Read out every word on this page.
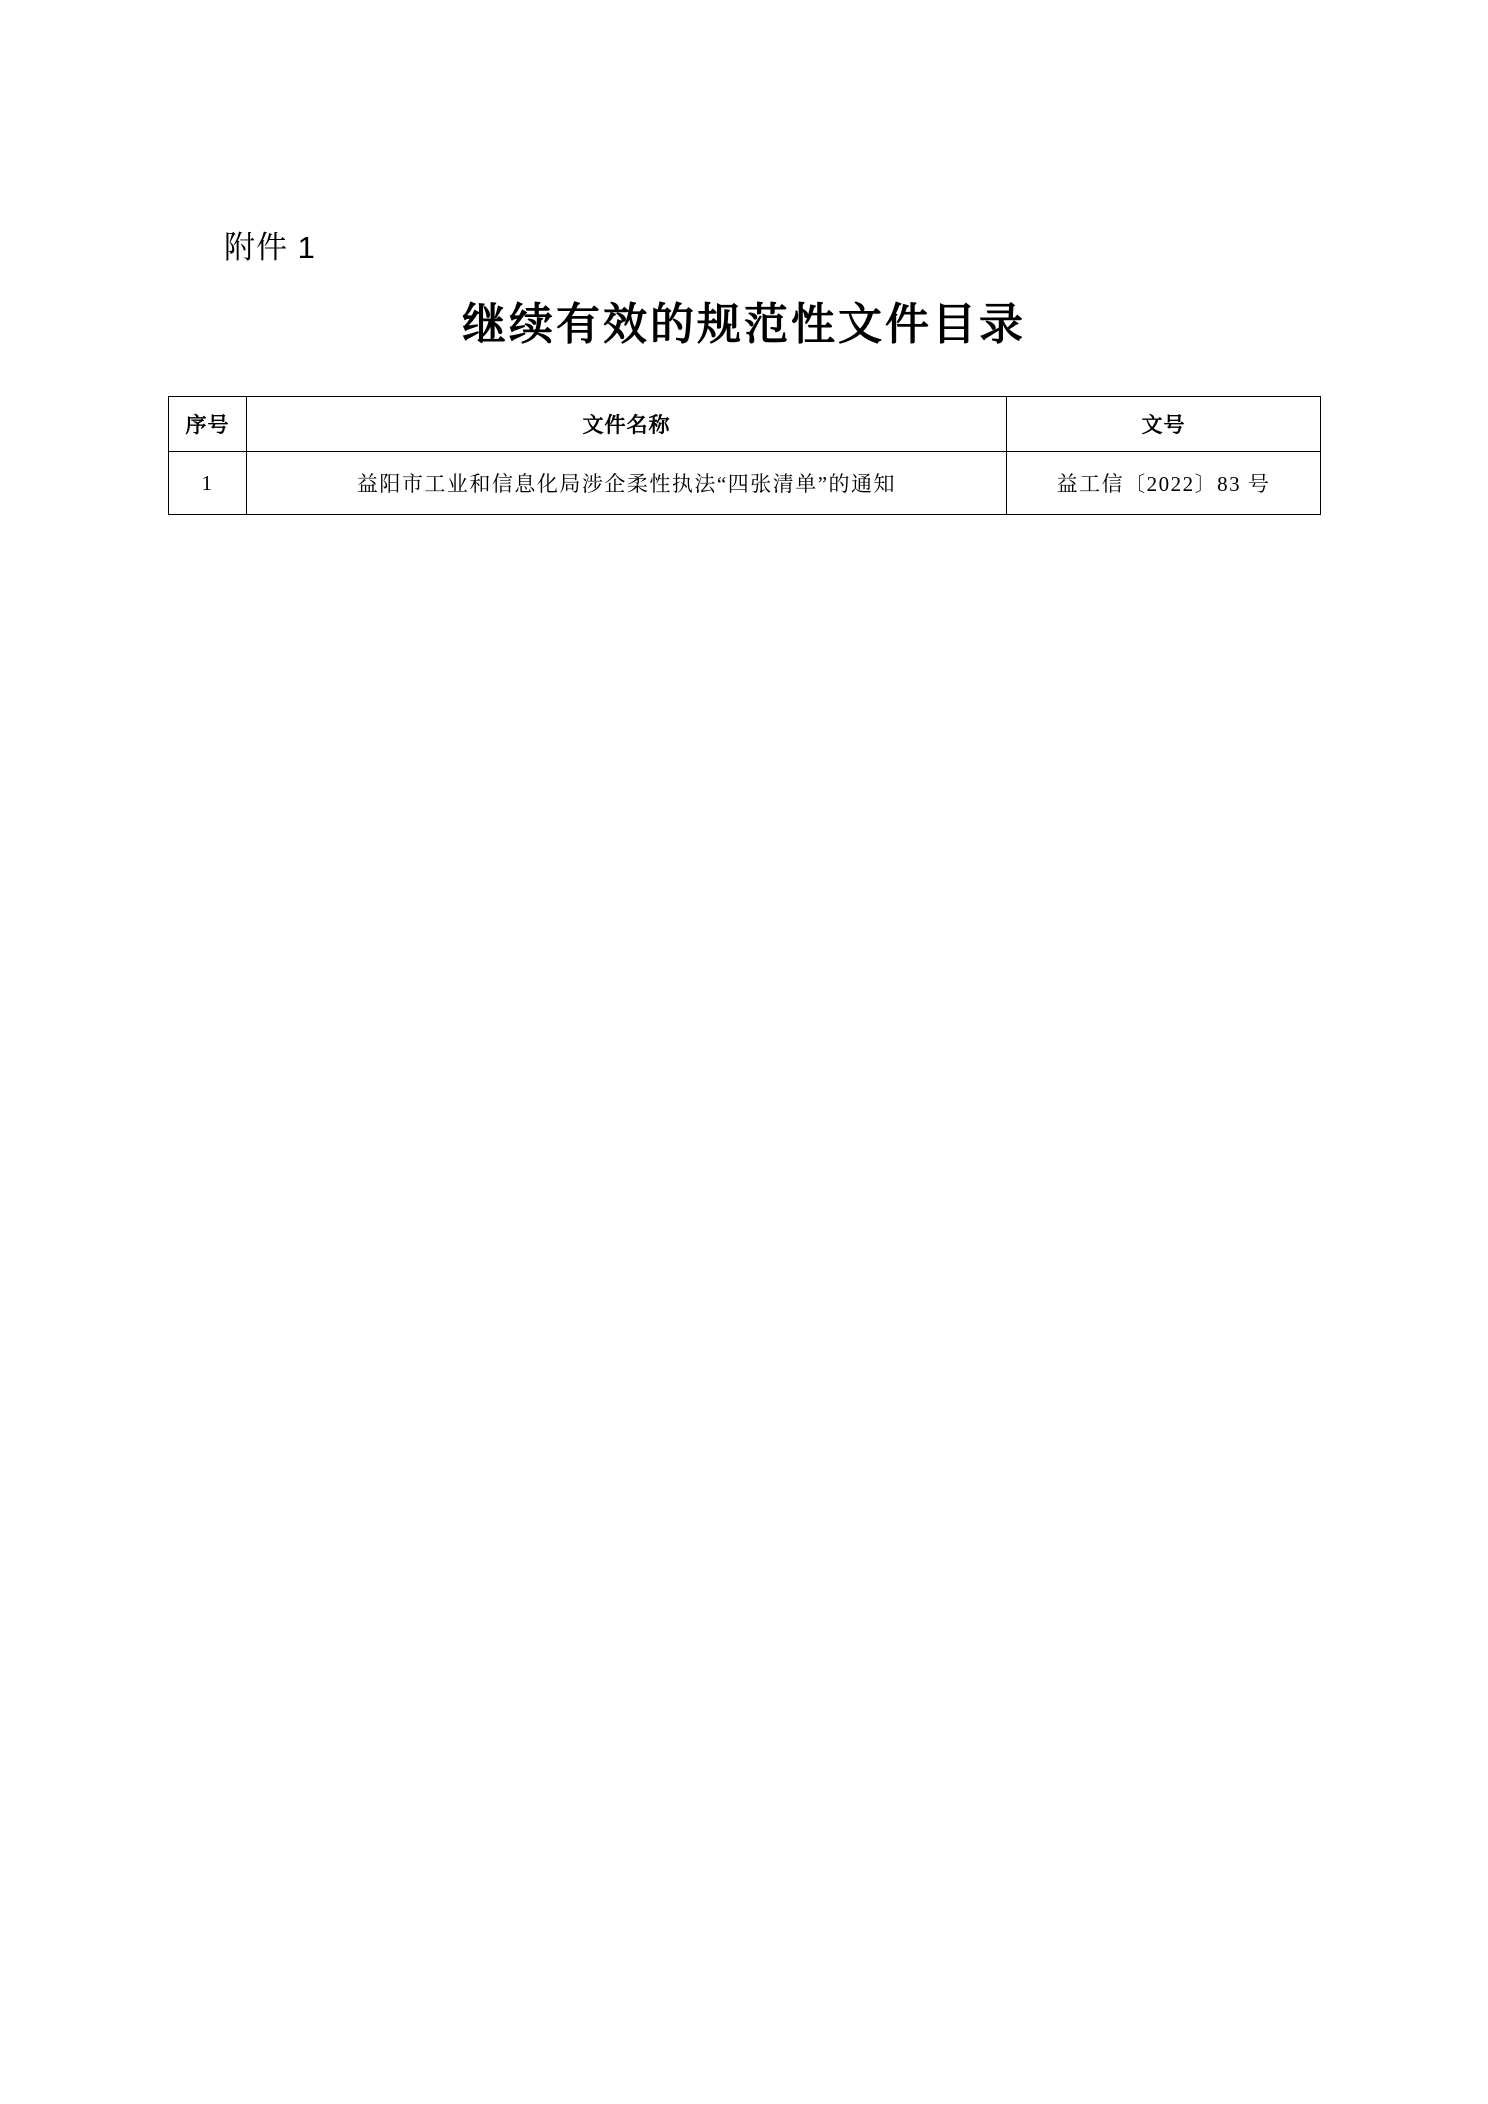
附件 1
继续有效的规范性文件目录
序号	文件名称	文号
1	益阳市工业和信息化局涉企柔性执法“四张清单”的通知	益工信〔2022〕83 号
